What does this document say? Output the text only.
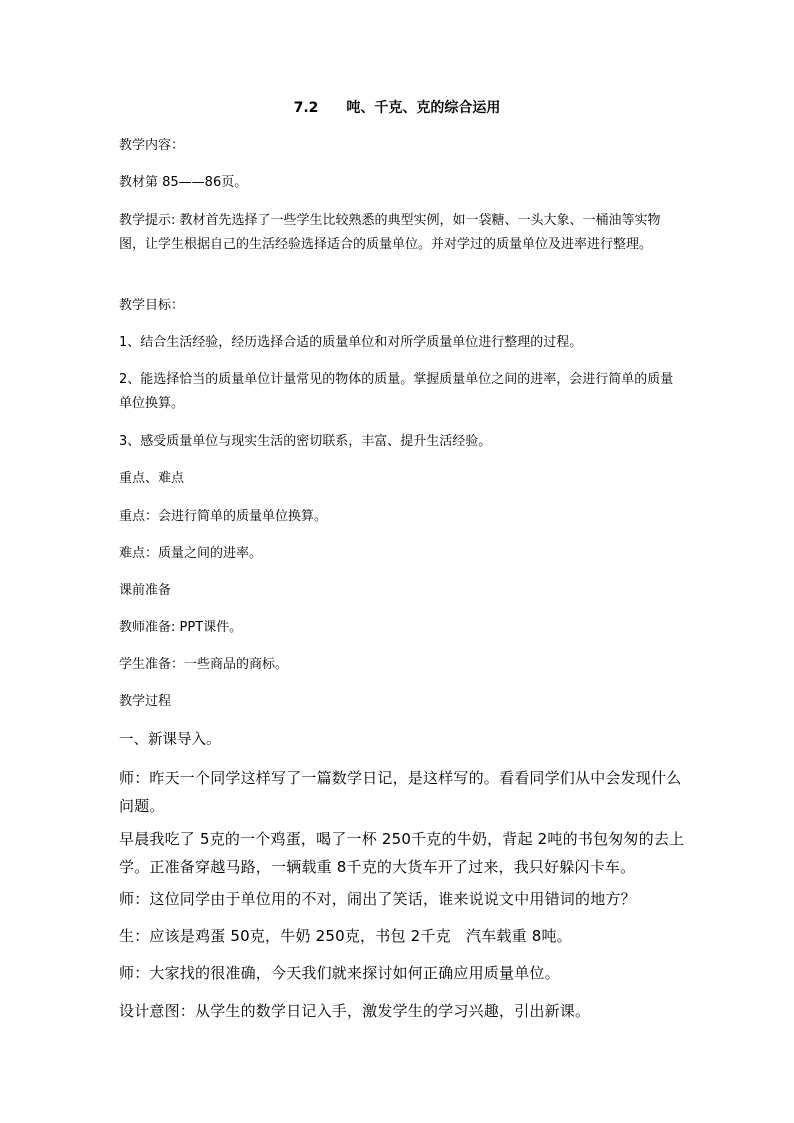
7.2　　吨、千克、克的综合运用

教学内容：

教材第 85——86页。

教学提示: 教材首先选择了一些学生比较熟悉的典型实例，如一袋糖、一头大象、一桶油等实物图，让学生根据自己的生活经验选择适合的质量单位。并对学过的质量单位及进率进行整理。

教学目标：

1、结合生活经验，经历选择合适的质量单位和对所学质量单位进行整理的过程。

2、能选择恰当的质量单位计量常见的物体的质量。掌握质量单位之间的进率，会进行简单的质量单位换算。

3、感受质量单位与现实生活的密切联系，丰富、提升生活经验。

重点、难点

重点：会进行简单的质量单位换算。

难点：质量之间的进率。

课前准备

教师准备: PPT课件。

学生准备：一些商品的商标。

教学过程

一、新课导入。

师：昨天一个同学这样写了一篇数学日记，是这样写的。看看同学们从中会发现什么问题。

早晨我吃了 5克的一个鸡蛋，喝了一杯 250千克的牛奶，背起 2吨的书包匆匆的去上学。正准备穿越马路，一辆载重 8千克的大货车开了过来，我只好躲闪卡车。

师：这位同学由于单位用的不对，闹出了笑话，谁来说说文中用错词的地方？

生：应该是鸡蛋 50克，牛奶 250克，书包 2千克　汽车载重 8吨。

师：大家找的很准确，今天我们就来探讨如何正确应用质量单位。

设计意图：从学生的数学日记入手，激发学生的学习兴趣，引出新课。
